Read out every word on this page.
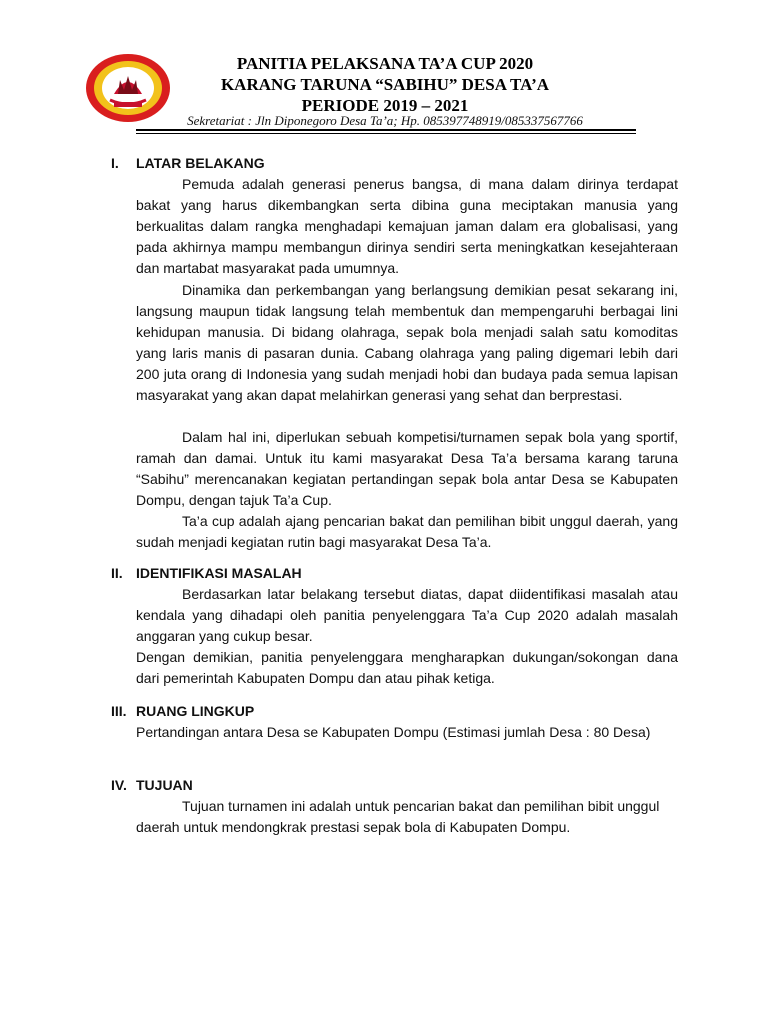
PANITIA PELAKSANA TA’A CUP 2020
KARANG TARUNA “SABIHU” DESA TA’A
PERIODE 2019 – 2021
Sekretariat : Jln Diponegoro Desa Ta’a; Hp. 085397748919/085337567766
I. LATAR BELAKANG

Pemuda adalah generasi penerus bangsa, di mana dalam dirinya terdapat bakat yang harus dikembangkan serta dibina guna meciptakan manusia yang berkualitas dalam rangka menghadapi kemajuan jaman dalam era globalisasi, yang pada akhirnya mampu membangun dirinya sendiri serta meningkatkan kesejahteraan dan martabat masyarakat pada umumnya.

Dinamika dan perkembangan yang berlangsung demikian pesat sekarang ini, langsung maupun tidak langsung telah membentuk dan mempengaruhi berbagai lini kehidupan manusia. Di bidang olahraga, sepak bola menjadi salah satu komoditas yang laris manis di pasaran dunia. Cabang olahraga yang paling digemari lebih dari 200 juta orang di Indonesia yang sudah menjadi hobi dan budaya pada semua lapisan masyarakat yang akan dapat melahirkan generasi yang sehat dan berprestasi.

Dalam hal ini, diperlukan sebuah kompetisi/turnamen sepak bola yang sportif, ramah dan damai. Untuk itu kami masyarakat Desa Ta’a bersama karang taruna “Sabihu” merencanakan kegiatan pertandingan sepak bola antar Desa se Kabupaten Dompu, dengan tajuk Ta’a Cup.

Ta’a cup adalah ajang pencarian bakat dan pemilihan bibit unggul daerah, yang sudah menjadi kegiatan rutin bagi masyarakat Desa Ta’a.

II. IDENTIFIKASI MASALAH

Berdasarkan latar belakang tersebut diatas, dapat diidentifikasi masalah atau kendala yang dihadapi oleh panitia penyelenggara Ta’a Cup 2020 adalah masalah anggaran yang cukup besar.

Dengan demikian, panitia penyelenggara mengharapkan dukungan/sokongan dana dari pemerintah Kabupaten Dompu dan atau pihak ketiga.

III. RUANG LINGKUP

Pertandingan antara Desa se Kabupaten Dompu (Estimasi jumlah Desa : 80 Desa)

IV. TUJUAN

Tujuan turnamen ini adalah untuk pencarian bakat dan pemilihan bibit unggul daerah untuk mendongkrak prestasi sepak bola di Kabupaten Dompu.
